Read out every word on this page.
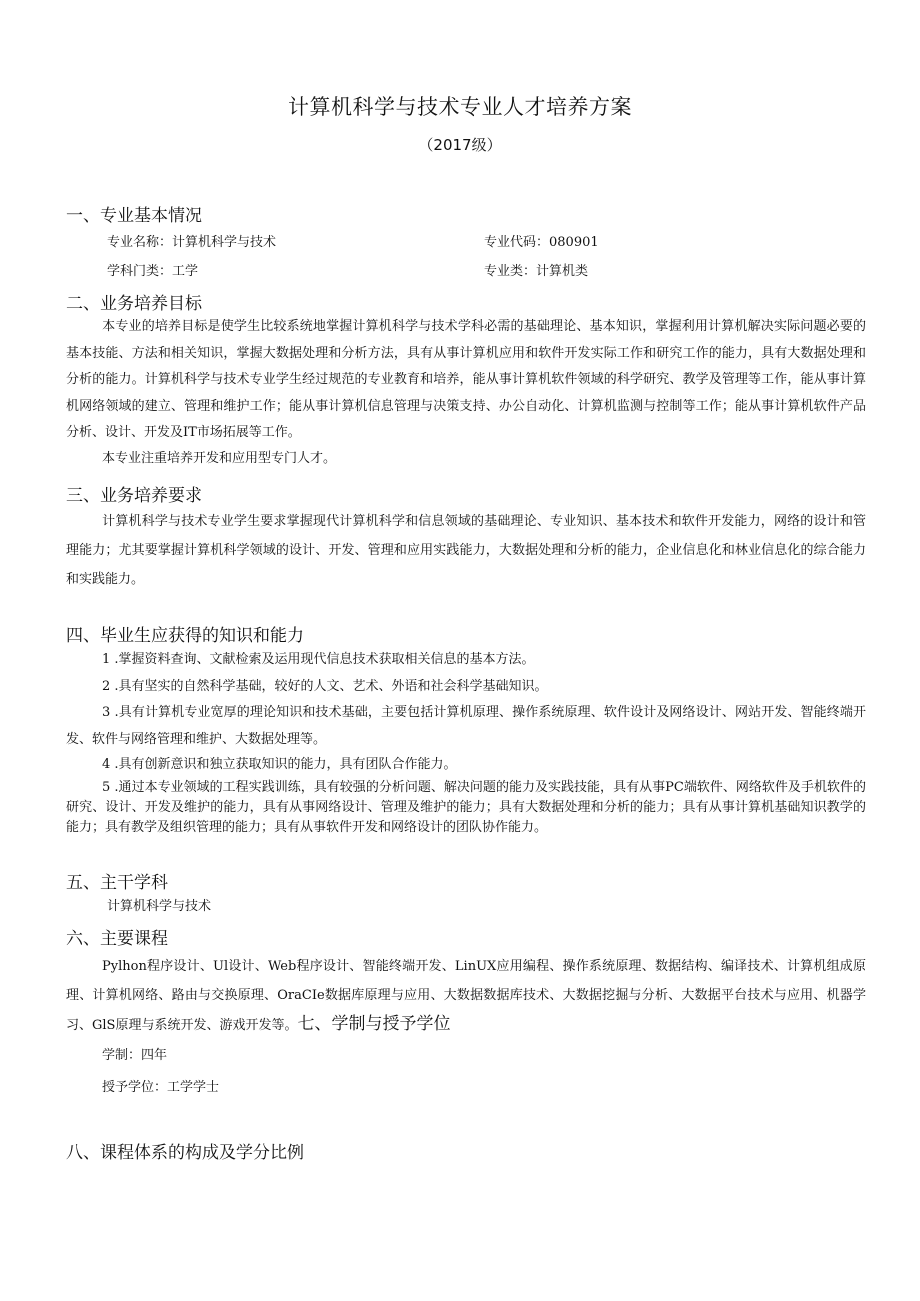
计算机科学与技术专业人才培养方案
（2017级）
一、专业基本情况
专业名称：计算机科学与技术	专业代码：080901
学科门类：工学	专业类：计算机类
二、业务培养目标
本专业的培养目标是使学生比较系统地掌握计算机科学与技术学科必需的基础理论、基本知识，掌握利用计算机解决实际问题必要的基本技能、方法和相关知识，掌握大数据处理和分析方法，具有从事计算机应用和软件开发实际工作和研究工作的能力，具有大数据处理和分析的能力。计算机科学与技术专业学生经过规范的专业教育和培养，能从事计算机软件领域的科学研究、教学及管理等工作，能从事计算机网络领域的建立、管理和维护工作；能从事计算机信息管理与决策支持、办公自动化、计算机监测与控制等工作；能从事计算机软件产品分析、设计、开发及IT市场拓展等工作。
本专业注重培养开发和应用型专门人才。
三、业务培养要求
计算机科学与技术专业学生要求掌握现代计算机科学和信息领域的基础理论、专业知识、基本技术和软件开发能力，网络的设计和管理能力；尤其要掌握计算机科学领域的设计、开发、管理和应用实践能力，大数据处理和分析的能力，企业信息化和林业信息化的综合能力和实践能力。
四、毕业生应获得的知识和能力
1 .掌握资料查询、文献检索及运用现代信息技术获取相关信息的基本方法。
2 .具有坚实的自然科学基础，较好的人文、艺术、外语和社会科学基础知识。
3 .具有计算机专业宽厚的理论知识和技术基础，主要包括计算机原理、操作系统原理、软件设计及网络设计、网站开发、智能终端开发、软件与网络管理和维护、大数据处理等。
4 .具有创新意识和独立获取知识的能力，具有团队合作能力。
5 .通过本专业领域的工程实践训练，具有较强的分析问题、解决问题的能力及实践技能，具有从事PC端软件、网络软件及手机软件的研究、设计、开发及维护的能力，具有从事网络设计、管理及维护的能力；具有大数据处理和分析的能力；具有从事计算机基础知识教学的能力；具有教学及组织管理的能力；具有从事软件开发和网络设计的团队协作能力。
五、主干学科
计算机科学与技术
六、主要课程
Pylhon程序设计、Ul设计、Web程序设计、智能终端开发、LinUX应用编程、操作系统原理、数据结构、编译技术、计算机组成原理、计算机网络、路由与交换原理、OraCIe数据库原理与应用、大数据数据库技术、大数据挖掘与分析、大数据平台技术与应用、机器学习、GlS原理与系统开发、游戏开发等。七、学制与授予学位
学制：四年
授予学位：工学学士
八、课程体系的构成及学分比例
